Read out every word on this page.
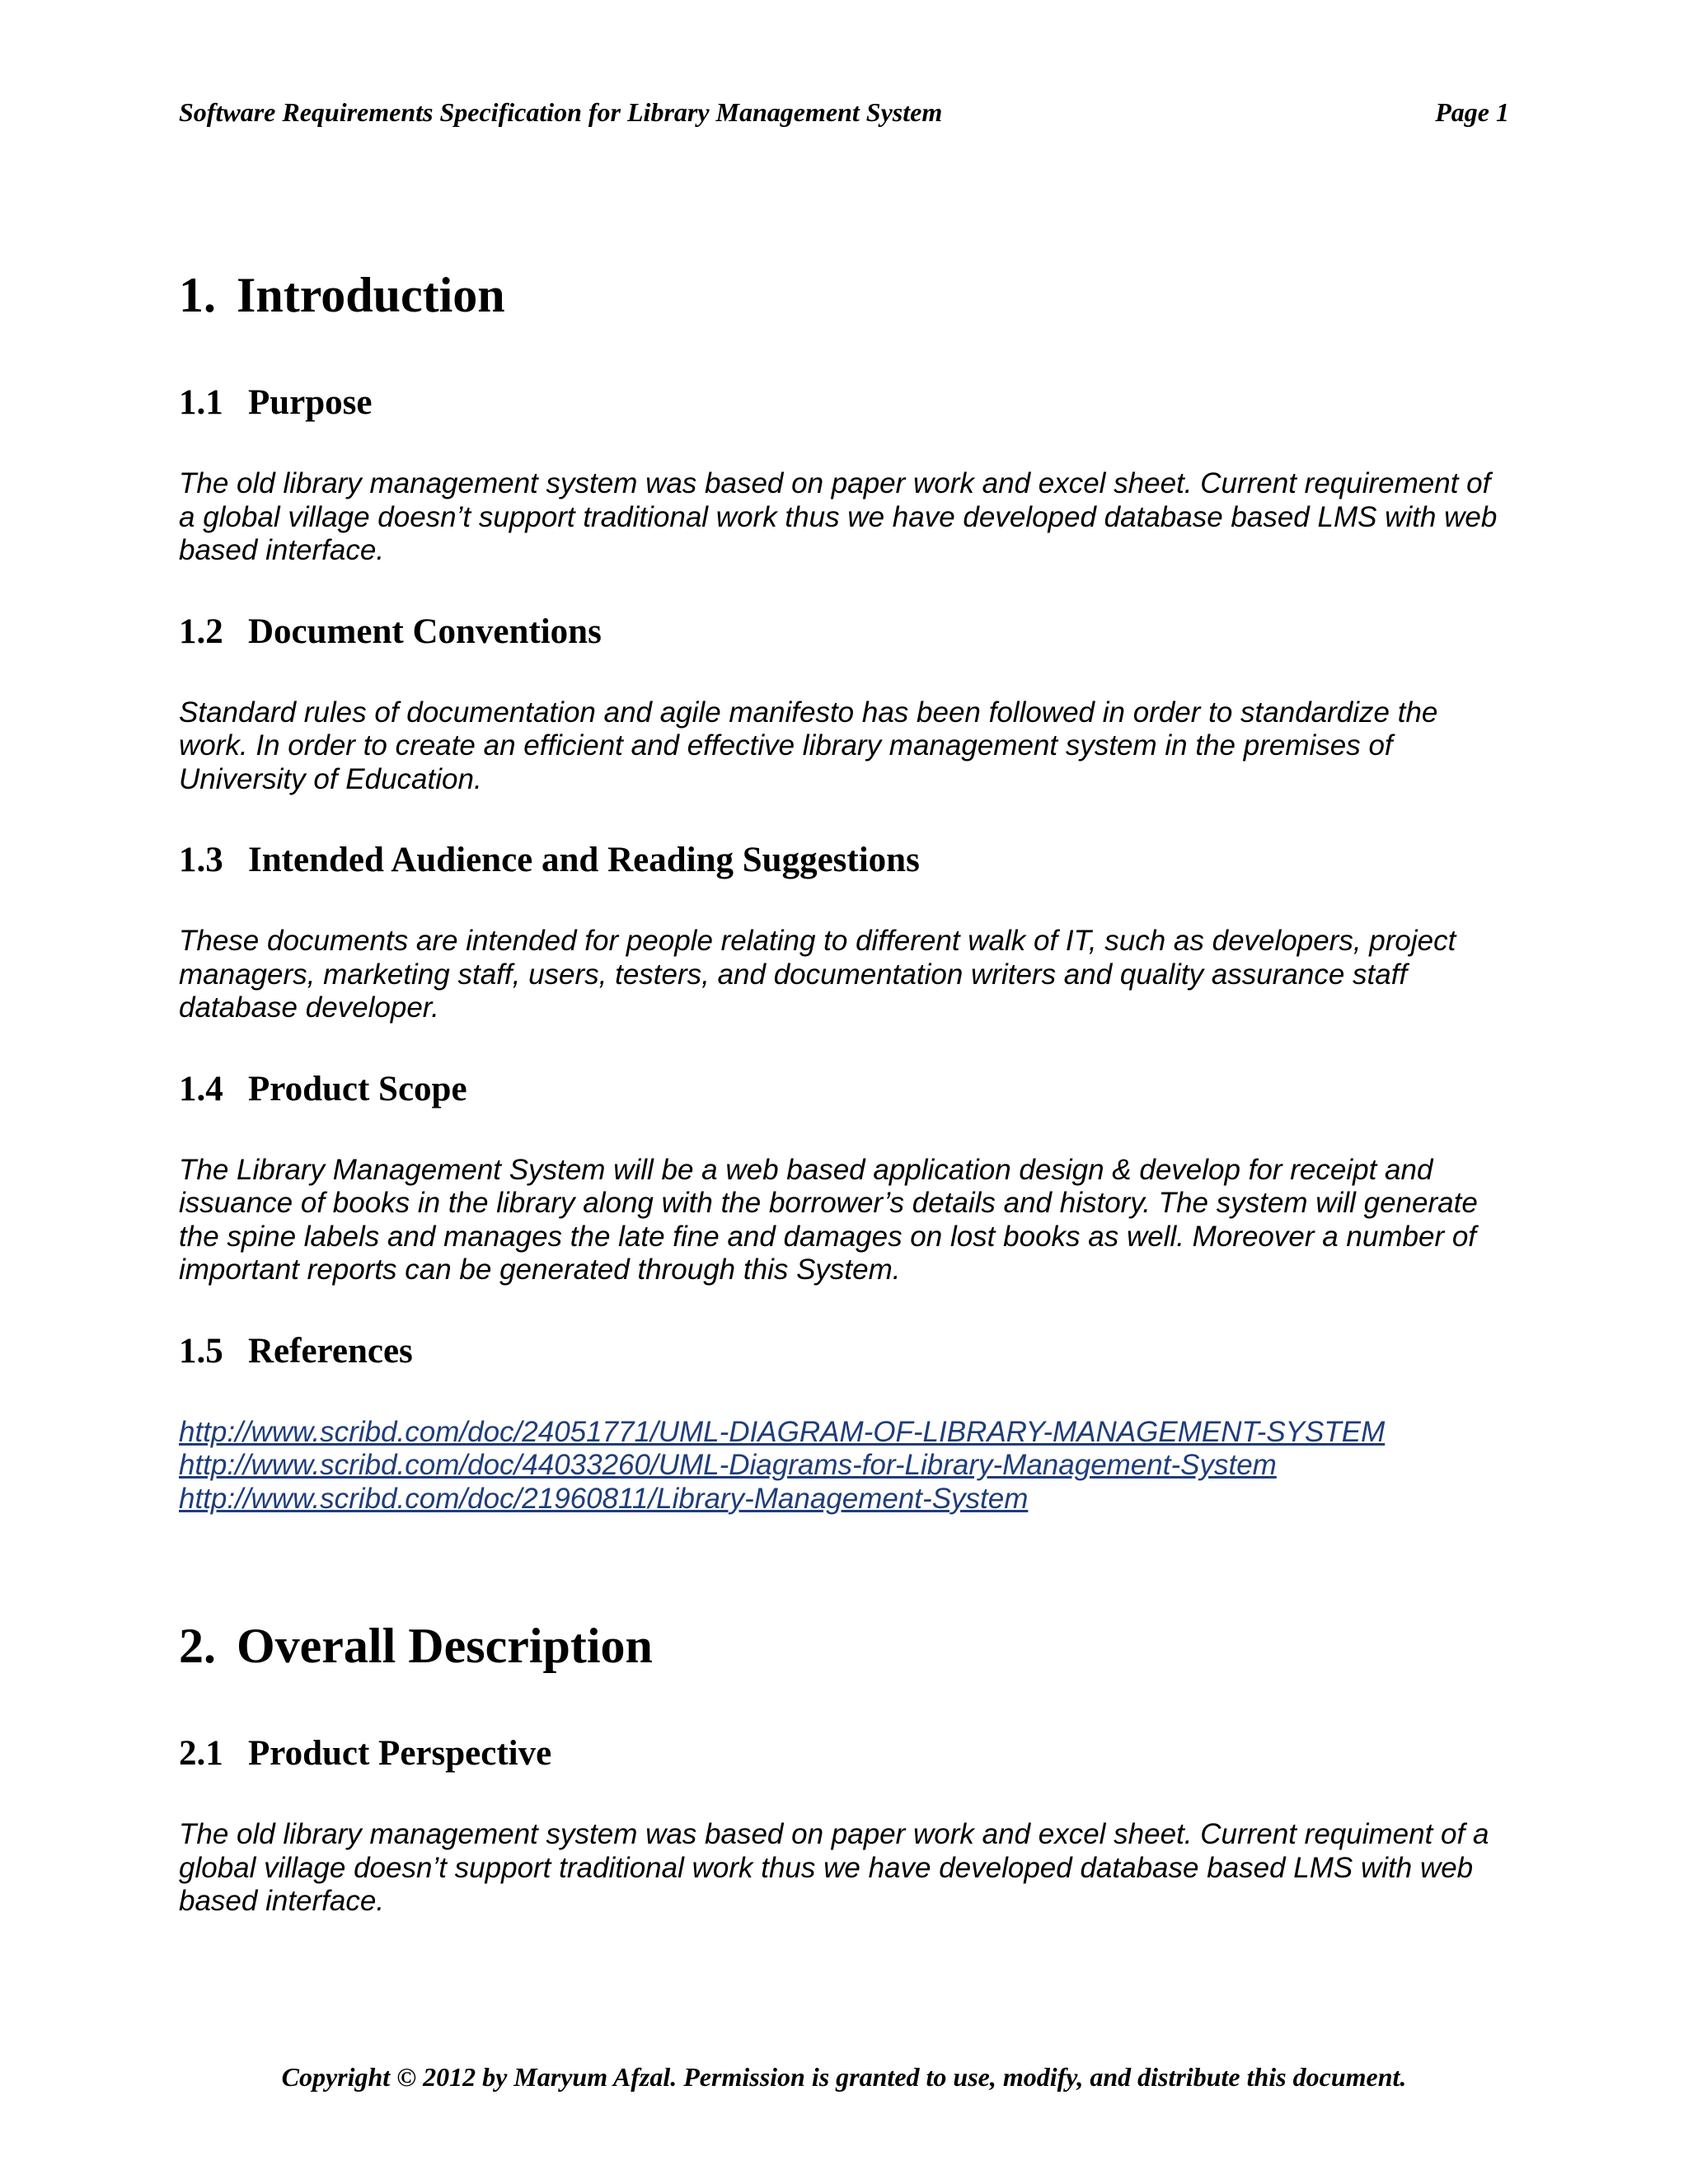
Software Requirements Specification for Library Management System	Page 1
1. Introduction
1.1 Purpose

The old library management system was based on paper work and excel sheet. Current requirement of a global village doesn’t support traditional work thus we have developed database based LMS with web based interface.

1.2 Document Conventions

Standard rules of documentation and agile manifesto has been followed in order to standardize the work. In order to create an efficient and effective library management system in the premises of University of Education.

1.3 Intended Audience and Reading Suggestions

These documents are intended for people relating to different walk of IT, such as developers, project managers, marketing staff, users, testers, and documentation writers and quality assurance staff database developer.

1.4 Product Scope

The Library Management System will be a web based application design & develop for receipt and issuance of books in the library along with the borrower’s details and history. The system will generate the spine labels and manages the late fine and damages on lost books as well. Moreover a number of important reports can be generated through this System.

1.5 References
http://www.scribd.com/doc/24051771/UML-DIAGRAM-OF-LIBRARY-MANAGEMENT-SYSTEM
http://www.scribd.com/doc/44033260/UML-Diagrams-for-Library-Management-System
http://www.scribd.com/doc/21960811/Library-Management-System
2. Overall Description
2.1 Product Perspective

The old library management system was based on paper work and excel sheet. Current requiment of a global village doesn’t support traditional work thus we have developed database based LMS with web based interface.

Copyright © 2012 by Maryum Afzal. Permission is granted to use, modify, and distribute this document.
